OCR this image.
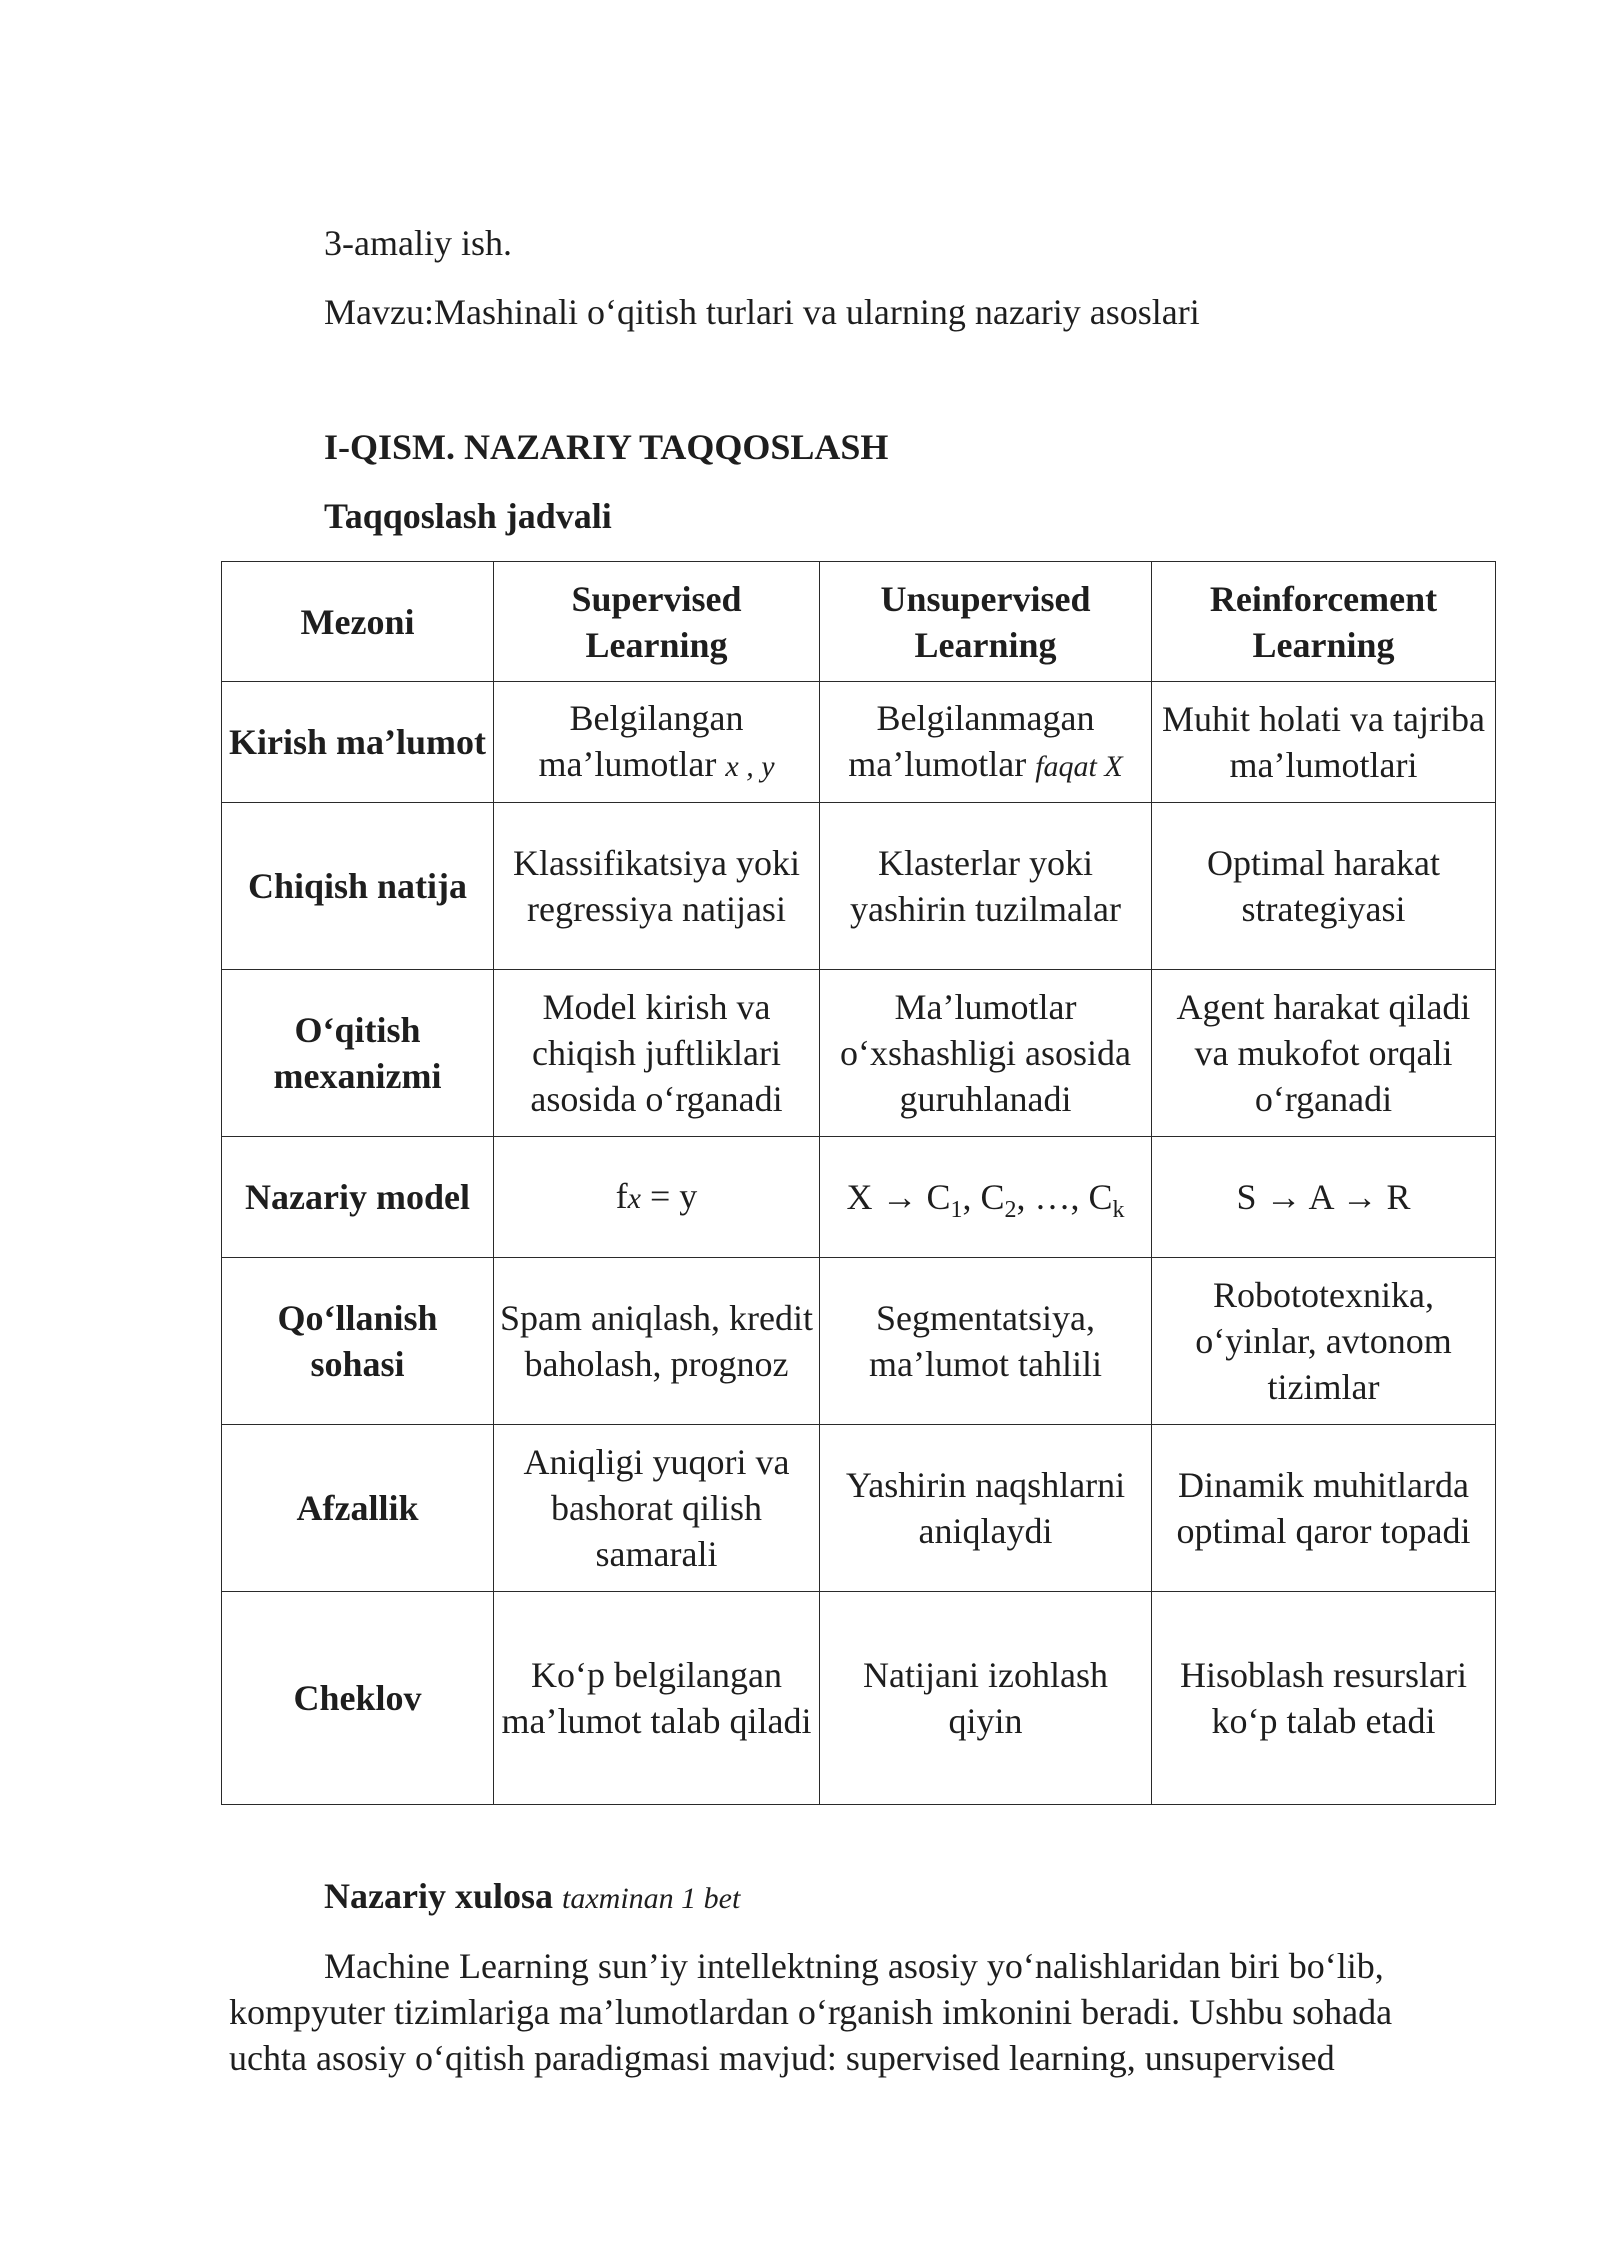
3-amaliy ish.
Mavzu:Mashinali o‘qitish turlari va ularning nazariy asoslari
I-QISM. NAZARIY TAQQOSLASH
Taqqoslash jadvali
Mezoni	Supervised Learning	Unsupervised Learning	Reinforcement Learning
Kirish ma’lumot	Belgilangan ma’lumotlar x , y	Belgilanmagan ma’lumotlar faqat X	Muhit holati va tajriba ma’lumotlari
Chiqish natija	Klassifikatsiya yoki regressiya natijasi	Klasterlar yoki yashirin tuzilmalar	Optimal harakat strategiyasi
O‘qitish mexanizmi	Model kirish va chiqish juftliklari asosida o‘rganadi	Ma’lumotlar o‘xshashligi asosida guruhlanadi	Agent harakat qiladi va mukofot orqali o‘rganadi
Nazariy model	fx = y	$X \to C_1$, $C_2$, …, $C_k$	S → A → R
Qo‘llanish sohasi	Spam aniqlash, kredit baholash, prognoz	Segmentatsiya, ma’lumot tahlili	Robototexnika, o‘yinlar, avtonom tizimlar
Afzallik	Aniqligi yuqori va bashorat qilish samarali	Yashirin naqshlarni aniqlaydi	Dinamik muhitlarda optimal qaror topadi
Cheklov	Ko‘p belgilangan ma’lumot talab qiladi	Natijani izohlash qiyin	Hisoblash resurslari ko‘p talab etadi
Nazariy xulosa taxminan 1 bet
Machine Learning sun’iy intellektning asosiy yo‘nalishlaridan biri bo‘lib,
kompyuter tizimlariga ma’lumotlardan o‘rganish imkonini beradi. Ushbu sohada
uchta asosiy o‘qitish paradigmasi mavjud: supervised learning, unsupervised
